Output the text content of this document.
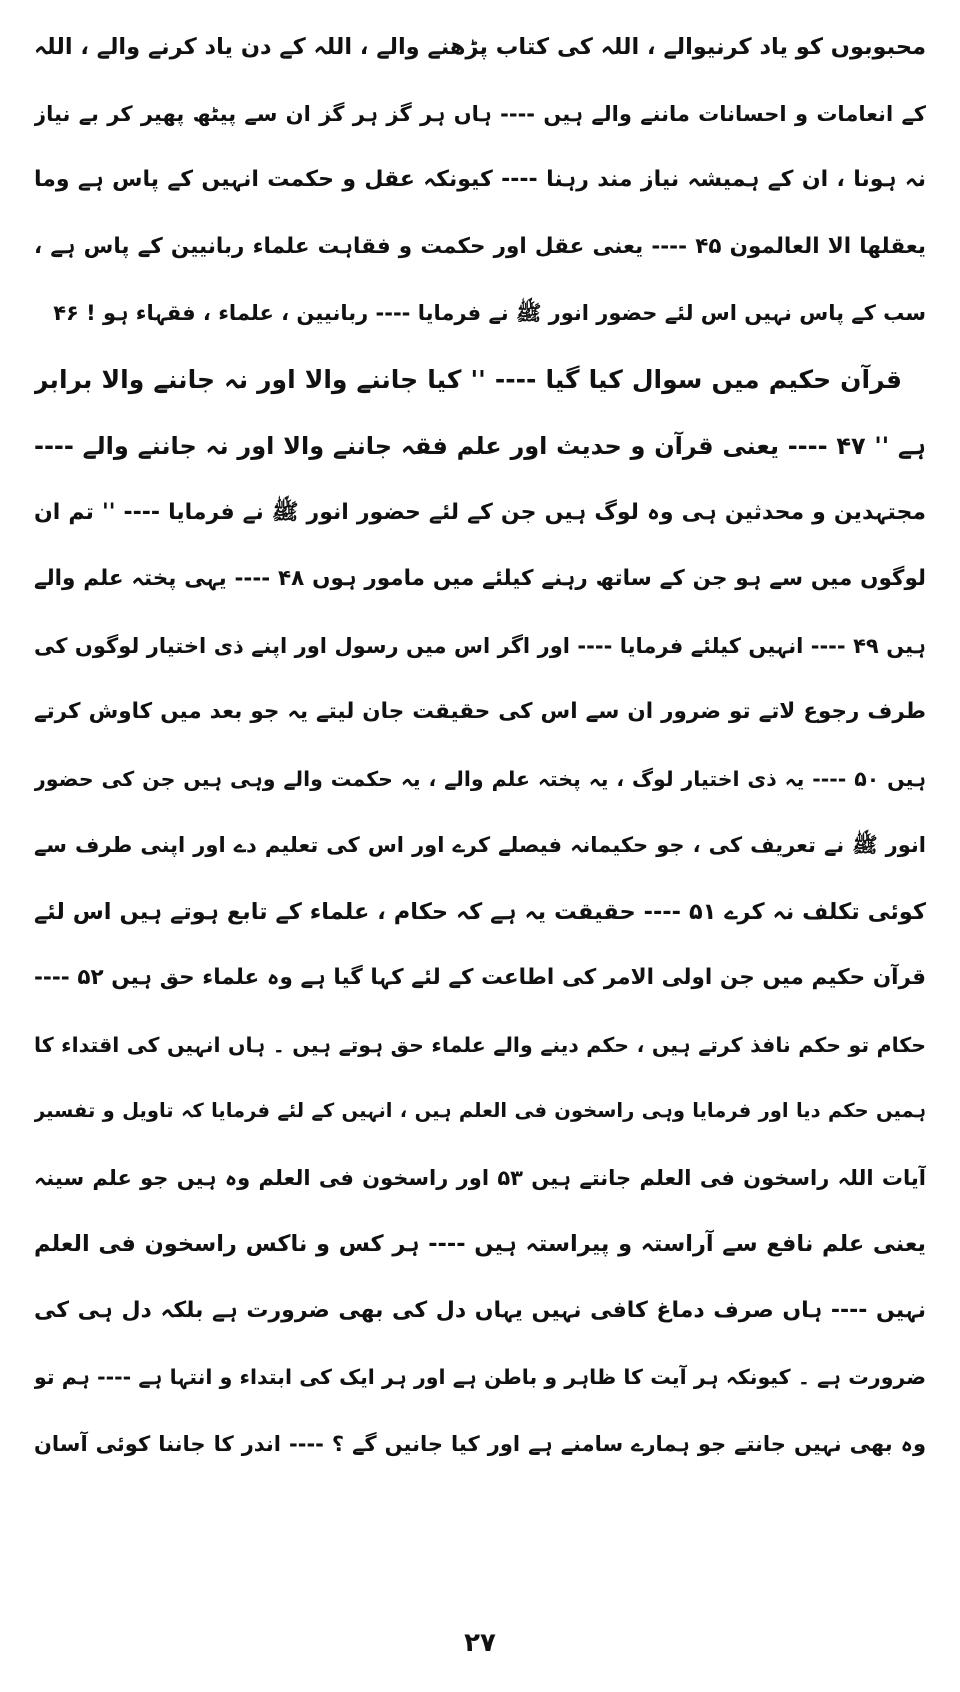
محبوبوں کو یاد کرنیوالے ، اللہ کی کتاب پڑھنے والے ، اللہ کے دن یاد کرنے والے ، اللہ
کے انعامات و احسانات ماننے والے ہیں ---- ہاں ہر گز ہر گز ان سے پیٹھ پھیر کر بے نیاز
نہ ہونا ، ان کے ہمیشہ نیاز مند رہنا ---- کیونکہ عقل و حکمت انہیں کے پاس ہے وما
یعقلھا الا العالمون ۴۵ ---- یعنی عقل اور حکمت و فقاہت علماء ربانیین کے پاس ہے ،
سب کے پاس نہیں اس لئے حضور انور ﷺ نے فرمایا ---- ربانیین ، علماء ، فقہاء ہو ! ۴۶
قرآن حکیم میں سوال کیا گیا ---- '' کیا جاننے والا اور نہ جاننے والا برابر
ہے '' ۴۷ ---- یعنی قرآن و حدیث اور علم فقہ جاننے والا اور نہ جاننے والے ----
مجتہدین و محدثین ہی وہ لوگ ہیں جن کے لئے حضور انور ﷺ نے فرمایا ---- '' تم ان
لوگوں میں سے ہو جن کے ساتھ رہنے کیلئے میں مامور ہوں ۴۸ ---- یہی پختہ علم والے
ہیں ۴۹ ---- انہیں کیلئے فرمایا ---- اور اگر اس میں رسول اور اپنے ذی اختیار لوگوں کی
طرف رجوع لاتے تو ضرور ان سے اس کی حقیقت جان لیتے یہ جو بعد میں کاوش کرتے
ہیں ۵۰ ---- یہ ذی اختیار لوگ ، یہ پختہ علم والے ، یہ حکمت والے وہی ہیں جن کی حضور
انور ﷺ نے تعریف کی ، جو حکیمانہ فیصلے کرے اور اس کی تعلیم دے اور اپنی طرف سے
کوئی تکلف نہ کرے ۵۱ ---- حقیقت یہ ہے کہ حکام ، علماء کے تابع ہوتے ہیں اس لئے
قرآن حکیم میں جن اولی الامر کی اطاعت کے لئے کہا گیا ہے وہ علماء حق ہیں ۵۲ ----
حکام تو حکم نافذ کرتے ہیں ، حکم دینے والے علماء حق ہوتے ہیں ۔ ہاں انہیں کی اقتداء کا
ہمیں حکم دیا اور فرمایا وہی راسخون فی العلم ہیں ، انہیں کے لئے فرمایا کہ تاویل و تفسیر
آیات اللہ راسخون فی العلم جانتے ہیں ۵۳ اور راسخون فی العلم وہ ہیں جو علم سینہ
یعنی علم نافع سے آراستہ و پیراستہ ہیں ---- ہر کس و ناکس راسخون فی العلم
نہیں ---- ہاں صرف دماغ کافی نہیں یہاں دل کی بھی ضرورت ہے بلکہ دل ہی کی
ضرورت ہے ۔ کیونکہ ہر آیت کا ظاہر و باطن ہے اور ہر ایک کی ابتداء و انتہا ہے ---- ہم تو
وہ بھی نہیں جانتے جو ہمارے سامنے ہے اور کیا جانیں گے ؟ ---- اندر کا جاننا کوئی آسان
۲۷
